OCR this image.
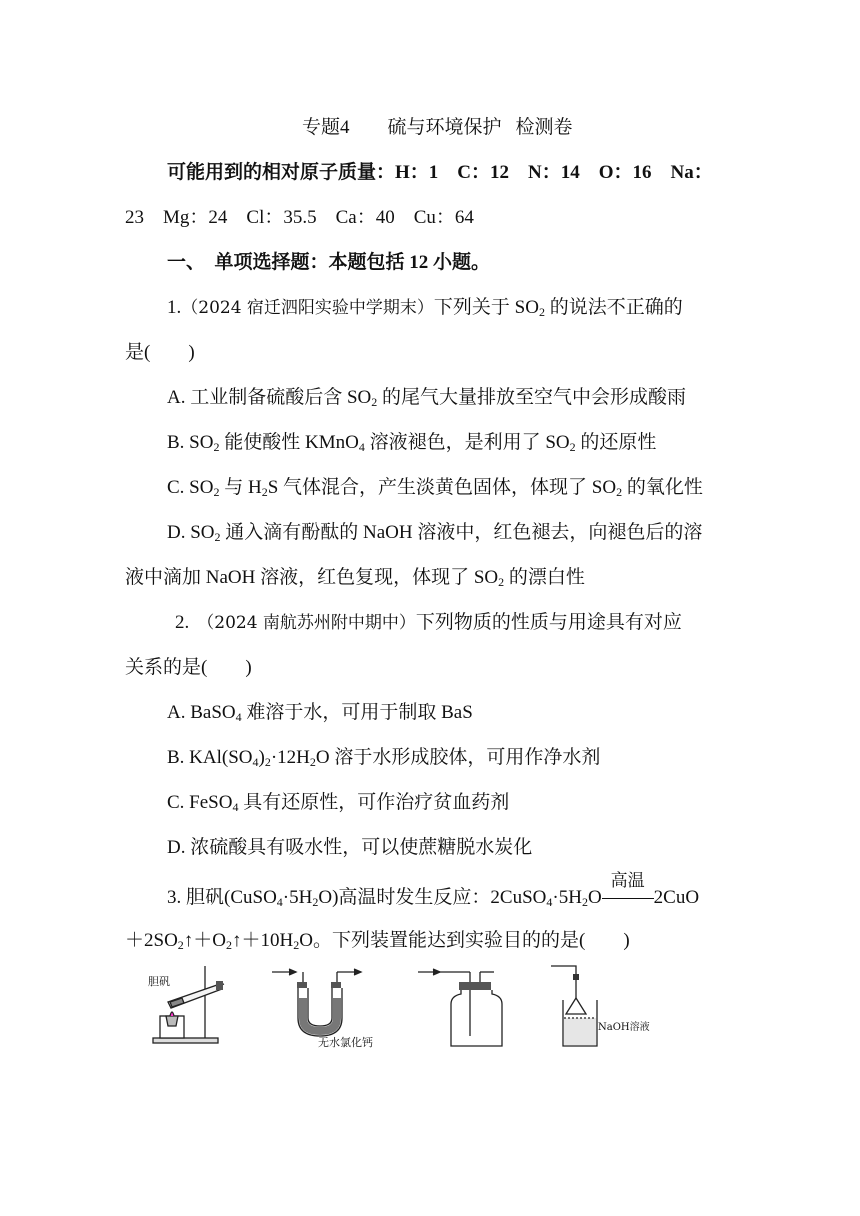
专题4 硫与环境保护 检测卷
可能用到的相对原子质量：H：1　C：12　N：14　O：16　Na：
23　Mg：24　Cl：35.5　Ca：40　Cu：64
一、　单项选择题：本题包括 12 小题。
1.（2024 宿迁泗阳实验中学期末）下列关于 $SO_2$ 的说法不正确的
是(　　)
A. 工业制备硫酸后含 $SO_2$ 的尾气大量排放至空气中会形成酸雨
B. $SO_2$ 能使酸性 KMnO$_4$ 溶液褪色，是利用了 $SO_2$ 的还原性
C. $SO_2$ 与 $H_2S$ 气体混合，产生淡黄色固体，体现了 $SO_2$ 的氧化性
D. $SO_2$ 通入滴有酚酞的 NaOH 溶液中，红色褪去，向褪色后的溶
液中滴加 NaOH 溶液，红色复现，体现了 $SO_2$ 的漂白性
2. （2024 南航苏州附中期中）下列物质的性质与用途具有对应
关系的是(　　)
A. BaSO$_4$ 难溶于水，可用于制取 BaS
B. $KAl(SO_4)_2\cdot 12H_2O$ 溶于水形成胶体，可用作净水剂
C. FeSO$_4$ 具有还原性，可作治疗贫血药剂
D. 浓硫酸具有吸水性，可以使蔗糖脱水炭化
3. 胆矾$(CuSO_4\cdot 5H_2O)$高温时发生反应：$2CuSO_4\cdot 5H_2O$
高温
2CuO
$+2SO_2↑+O_2↑+10H_2O$。下列装置能达到实验目的的是(　　)
胆矾
无水氯化钙
NaOH溶液
